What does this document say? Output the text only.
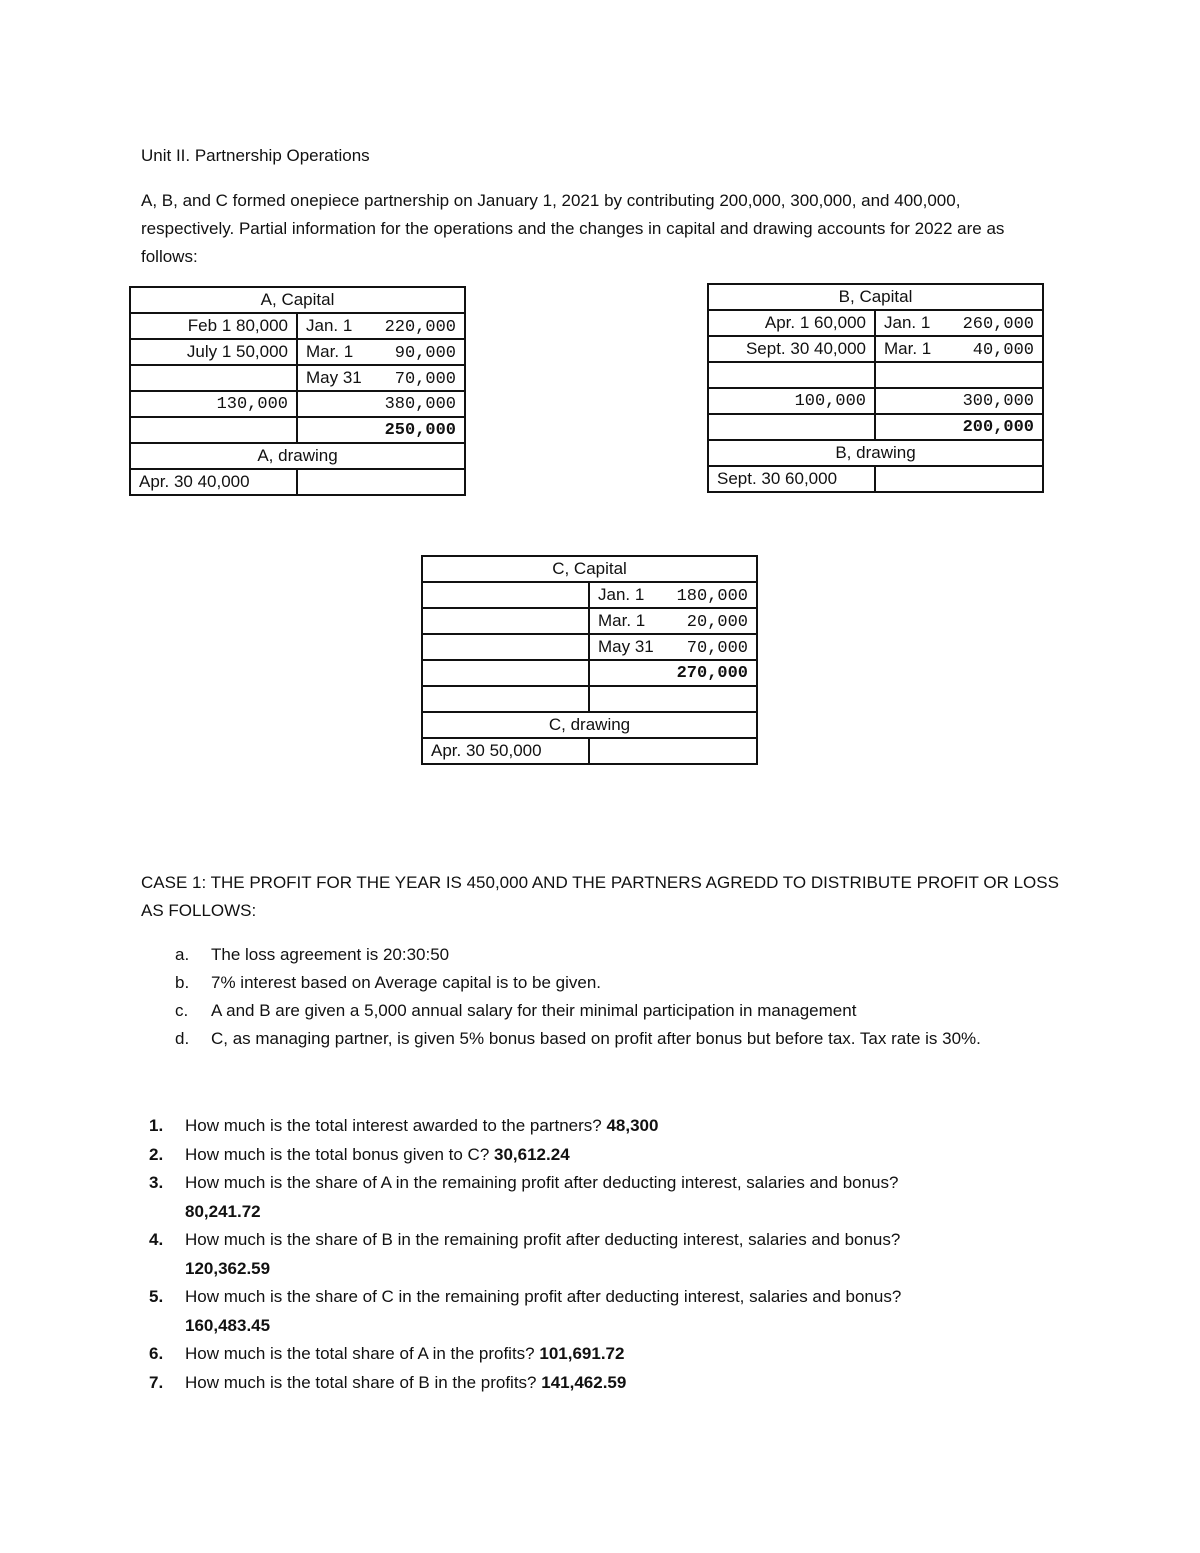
Unit II. Partnership Operations
A, B, and C formed onepiece partnership on January 1, 2021 by contributing 200,000, 300,000, and 400,000, respectively. Partial information for the operations and the changes in capital and drawing accounts for 2022 are as follows:
A, Capital	
Feb 1 80,000	Jan. 1 220,000
July 1 50,000	Mar. 1 90,000

	May 31 70,000
130,000	380,000
	250,000
A, drawing	
Apr. 30 40,000	
B, Capital	
Apr. 1 60,000	Jan. 1 260,000
Sept. 30 40,000	Mar. 1 40,000

100,000	300,000
	200,000
B, drawing	
Sept. 30 60,000	
C, Capital	

	Jan. 1 180,000

	Mar. 1 20,000

	May 31 70,000
	270,000

C, drawing	
Apr. 30 50,000	
CASE 1: THE PROFIT FOR THE YEAR IS 450,000 AND THE PARTNERS AGREDD TO DISTRIBUTE PROFIT OR LOSS AS FOLLOWS:
a. The loss agreement is 20:30:50
b. 7% interest based on Average capital is to be given.
c. A and B are given a 5,000 annual salary for their minimal participation in management
d. C, as managing partner, is given 5% bonus based on profit after bonus but before tax. Tax rate is 30%.
1. How much is the total interest awarded to the partners? 48,300
2. How much is the total bonus given to C? 30,612.24
3. How much is the share of A in the remaining profit after deducting interest, salaries and bonus?
80,241.72
4. How much is the share of B in the remaining profit after deducting interest, salaries and bonus?
120,362.59
5. How much is the share of C in the remaining profit after deducting interest, salaries and bonus?
160,483.45
6. How much is the total share of A in the profits? 101,691.72
7. How much is the total share of B in the profits? 141,462.59
